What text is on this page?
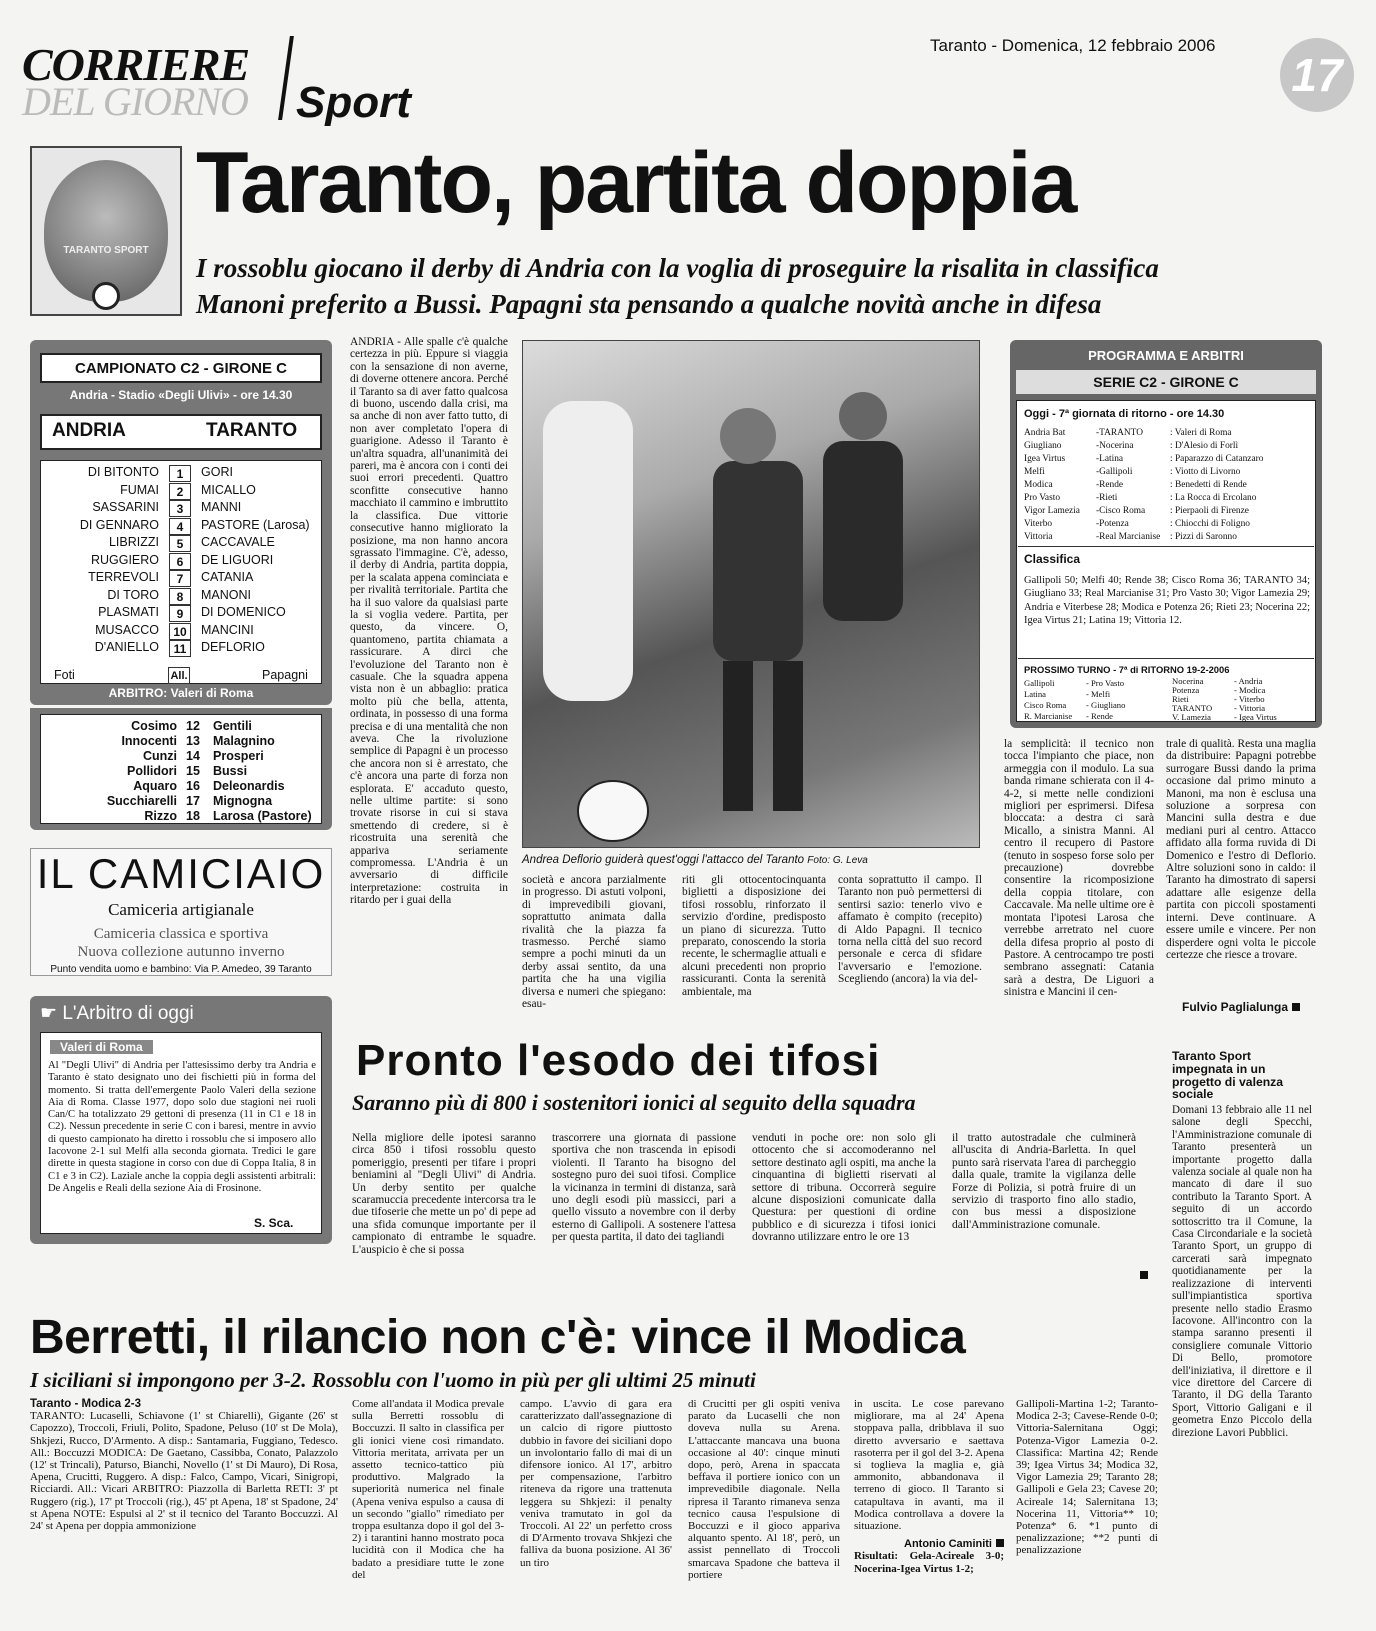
CORRIERE
DEL GIORNO Sport
Taranto - Domenica, 12 febbraio 2006
17
TARANTO SPORT
Taranto, partita doppia
I rossoblu giocano il derby di Andria con la voglia di proseguire la risalita in classifica
Manoni preferito a Bussi. Papagni sta pensando a qualche novità anche in difesa
CAMPIONATO C2 - GIRONE C
Andria - Stadio «Degli Ulivi» - ore 14.30
ANDRIA	TARANTO
DI BITONTO	1	GORI
FUMAI	2	MICALLO
SASSARINI	3	MANNI
DI GENNARO	4	PASTORE (Larosa)
LIBRIZZI	5	CACCAVALE
RUGGIERO	6	DE LIGUORI
TERREVOLI	7	CATANIA
DI TORO	8	MANONI
PLASMATI	9	DI DOMENICO
MUSACCO	10	MANCINI
D'ANIELLO	11	DEFLORIO
Foti	All.	Papagni
ARBITRO: Valeri di Roma
Cosimo 12	Gentili
Innocenti 13	Malagnino
Cunzi 14	Prosperi
Pollidori 15	Bussi
Aquaro 16	Deleonardis
Succhiarelli 17	Mignogna
Rizzo 18	Larosa (Pastore)
IL CAMICIAIO
Camiceria artigianale
Camiceria classica e sportiva
Nuova collezione autunno inverno
Punto vendita uomo e bambino: Via P. Amedeo, 39 Taranto
☛ L'Arbitro di oggi
Valeri di Roma
Al "Degli Ulivi" di Andria per l'attesissimo derby tra Andria e Taranto è stato designato uno dei fischietti più in forma del momento. Si tratta dell'emergente Paolo Valeri della sezione Aia di Roma. Classe 1977, dopo solo due stagioni nei ruoli Can/C ha totalizzato 29 gettoni di presenza (11 in C1 e 18 in C2). Nessun precedente in serie C con i baresi, mentre in avvio di questo campionato ha diretto i rossoblu che si imposero allo Iacovone 2-1 sul Melfi alla seconda giornata. Tredici le gare dirette in questa stagione in corso con due di Coppa Italia, 8 in C1 e 3 in C2). Laziale anche la coppia degli assistenti arbitrali: De Angelis e Reali della sezione Aia di Frosinone.
S. Sca.
ANDRIA - Alle spalle c'è qualche certezza in più. Eppure si viaggia con la sensazione di non averne, di doverne ottenere ancora. Perché il Taranto sa di aver fatto qualcosa di buono, uscendo dalla crisi, ma sa anche di non aver fatto tutto, di non aver completato l'opera di guarigione. Adesso il Taranto è un'altra squadra, all'unanimità dei pareri, ma è ancora con i conti dei suoi errori precedenti. Quattro sconfitte consecutive hanno macchiato il cammino e imbruttito la classifica. Due vittorie consecutive hanno migliorato la posizione, ma non hanno ancora sgrassato l'immagine. C'è, adesso, il derby di Andria, partita doppia, per la scalata appena cominciata e per rivalità territoriale. Partita che ha il suo valore da qualsiasi parte la si voglia vedere. Partita, per questo, da vincere. O, quantomeno, partita chiamata a rassicurare. A dirci che l'evoluzione del Taranto non è casuale. Che la squadra appena vista non è un abbaglio: pratica molto più che bella, attenta, ordinata, in possesso di una forma precisa e di una mentalità che non aveva. Che la rivoluzione semplice di Papagni è un processo che ancora non si è arrestato, che c'è ancora una parte di forza non esplorata. E' accaduto questo, nelle ultime partite: si sono trovate risorse in cui si stava smettendo di credere, si è ricostruita una serenità che appariva seriamente compromessa. L'Andria è un avversario di difficile interpretazione: costruita in ritardo per i guai della
Andrea Deflorio guiderà quest'oggi l'attacco del Taranto Foto: G. Leva
società e ancora parzialmente in progresso. Di astuti volponi, di imprevedibili giovani, soprattutto animata dalla rivalità che la piazza fa trasmesso. Perché siamo sempre a pochi minuti da un derby assai sentito, da una partita che ha una vigilia diversa e numeri che spiegano: esau-
riti gli ottocentocinquanta biglietti a disposizione dei tifosi rossoblu, rinforzato il servizio d'ordine, predisposto un piano di sicurezza. Tutto preparato, conoscendo la storia recente, le schermaglie attuali e alcuni precedenti non proprio rassicuranti. Conta la serenità ambientale, ma
conta soprattutto il campo. Il Taranto non può permettersi di sentirsi sazio: tenerlo vivo e affamato è compito (recepito) di Aldo Papagni. Il tecnico torna nella città del suo record personale e cerca di sfidare l'avversario e l'emozione. Scegliendo (ancora) la via del-
la semplicità: il tecnico non tocca l'impianto che piace, non armeggia con il modulo. La sua banda rimane schierata con il 4-4-2, si mette nelle condizioni migliori per esprimersi. Difesa bloccata: a destra ci sarà Micallo, a sinistra Manni. Al centro il recupero di Pastore (tenuto in sospeso forse solo per precauzione) dovrebbe consentire la ricomposizione della coppia titolare, con Caccavale. Ma nelle ultime ore è montata l'ipotesi Larosa che verrebbe arretrato nel cuore della difesa proprio al posto di Pastore. A centrocampo tre posti sembrano assegnati: Catania sarà a destra, De Liguori a sinistra e Mancini il cen-
trale di qualità. Resta una maglia da distribuire: Papagni potrebbe surrogare Bussi dando la prima occasione dal primo minuto a Manoni, ma non è esclusa una soluzione a sorpresa con Mancini sulla destra e due mediani puri al centro. Attacco affidato alla forma ruvida di Di Domenico e l'estro di Deflorio. Altre soluzioni sono in caldo: il Taranto ha dimostrato di sapersi adattare alle esigenze della partita con piccoli spostamenti interni. Deve continuare. A essere umile e vincere. Per non disperdere ogni volta le piccole certezze che riesce a trovare.
Fulvio Paglialunga
PROGRAMMA E ARBITRI
SERIE C2 - GIRONE C
Oggi - 7ª giornata di ritorno - ore 14.30
Andria Bat	-TARANTO	: Valeri di Roma
Giugliano	-Nocerina	: D'Alesio di Forlì
Igea Virtus	-Latina	: Paparazzo di Catanzaro
Melfi	-Gallipoli	: Viotto di Livorno
Modica	-Rende	: Benedetti di Rende
Pro Vasto	-Rieti	: La Rocca di Ercolano
Vigor Lamezia -Cisco Roma	: Pierpaoli di Firenze
Viterbo	-Potenza	: Chiocchi di Foligno
Vittoria	-Real Marcianise : Pizzi di Saronno
Classifica
Gallipoli 50; Melfi 40; Rende 38; Cisco Roma 36; TARANTO 34; Giugliano 33; Real Marcianise 31; Pro Vasto 30; Vigor Lamezia 29; Andria e Viterbese 28; Modica e Potenza 26; Rieti 23; Nocerina 22; Igea Virtus 21; Latina 19; Vittoria 12.
PROSSIMO TURNO - 7ª di RITORNO 19-2-2006
Gallipoli	- Pro Vasto
Latina	- Melfi
Cisco Roma - Giugliano
R. Marcianise - Rende
Nocerina	- Andria
Potenza	- Modica
Rieti	- Viterbo
TARANTO	- Vittoria
V. Lamezia	- Igea Virtus
Pronto l'esodo dei tifosi
Saranno più di 800 i sostenitori ionici al seguito della squadra
Nella migliore delle ipotesi saranno circa 850 i tifosi rossoblu questo pomeriggio, presenti per tifare i propri beniamini al "Degli Ulivi" di Andria. Un derby sentito per qualche scaramuccia precedente intercorsa tra le due tifoserie che mette un po' di pepe ad una sfida comunque importante per il campionato di entrambe le squadre. L'auspicio è che si possa
trascorrere una giornata di passione sportiva che non trascenda in episodi violenti. Il Taranto ha bisogno del sostegno puro dei suoi tifosi. Complice la vicinanza in termini di distanza, sarà uno degli esodi più massicci, pari a quello vissuto a novembre con il derby esterno di Gallipoli. A sostenere l'attesa per questa partita, il dato dei tagliandi
venduti in poche ore: non solo gli ottocento che si accomoderanno nel settore destinato agli ospiti, ma anche la cinquantina di biglietti riservati al settore di tribuna. Occorrerà seguire alcune disposizioni comunicate dalla Questura: per questioni di ordine pubblico e di sicurezza i tifosi ionici dovranno utilizzare entro le ore 13
il tratto autostradale che culminerà all'uscita di Andria-Barletta. In quel punto sarà riservata l'area di parcheggio dalla quale, tramite la vigilanza delle Forze di Polizia, si potrà fruire di un servizio di trasporto fino allo stadio, con bus messi a disposizione dall'Amministrazione comunale.
Berretti, il rilancio non c'è: vince il Modica
I siciliani si impongono per 3-2. Rossoblu con l'uomo in più per gli ultimi 25 minuti
Taranto - Modica 2-3
TARANTO: Lucaselli, Schiavone (1' st Chiarelli), Gigante (26' st Capozzo), Troccoli, Friuli, Polito, Spadone, Peluso (10' st De Mola), Shkjezi, Rucco, D'Armento. A disp.: Santamaria, Fuggiano, Tedesco. All.: Boccuzzi MODICA: De Gaetano, Cassibba, Conato, Palazzolo (12' st Trincali), Paturso, Bianchi, Novello (1' st Di Mauro), Di Rosa, Apena, Crucitti, Ruggero. A disp.: Falco, Campo, Vicari, Sinigropi, Ricciardi. All.: Vicari ARBITRO: Piazzolla di Barletta RETI: 3' pt Ruggero (rig.), 17' pt Troccoli (rig.), 45' pt Apena, 18' st Spadone, 24' st Apena NOTE: Espulsi al 2' st il tecnico del Taranto Boccuzzi. Al 24' st Apena per doppia ammonizione
Come all'andata il Modica prevale sulla Berretti rossoblu di Boccuzzi. Il salto in classifica per gli ionici viene così rimandato. Vittoria meritata, arrivata per un assetto tecnico-tattico più produttivo. Malgrado la superiorità numerica nel finale (Apena veniva espulso a causa di un secondo "giallo" rimediato per troppa esultanza dopo il gol del 3-2) i tarantini hanno mostrato poca lucidità con il Modica che ha badato a presidiare tutte le zone del
campo. L'avvio di gara era caratterizzato dall'assegnazione di un calcio di rigore piuttosto dubbio in favore dei siciliani dopo un involontario fallo di mai di un difensore ionico. Al 17', arbitro per compensazione, l'arbitro riteneva da rigore una trattenuta leggera su Shkjezi: il penalty veniva tramutato in gol da Troccoli. Al 22' un perfetto cross di D'Armento trovava Shkjezi che falliva da buona posizione. Al 36' un tiro
di Crucitti per gli ospiti veniva parato da Lucaselli che non doveva nulla su Arena. L'attaccante mancava una buona occasione al 40': cinque minuti dopo, però, Arena in spaccata beffava il portiere ionico con un imprevedibile diagonale. Nella ripresa il Taranto rimaneva senza tecnico causa l'espulsione di Boccuzzi e il gioco appariva alquanto spento. Al 18', però, un assist pennellato di Troccoli smarcava Spadone che batteva il portiere
in uscita. Le cose parevano migliorare, ma al 24' Apena stoppava palla, dribblava il suo diretto avversario e saettava rasoterra per il gol del 3-2. Apena si toglieva la maglia e, già ammonito, abbandonava il terreno di gioco. Il Taranto si catapultava in avanti, ma il Modica controllava a dovere la situazione.
Antonio Caminiti
Risultati: Gela-Acireale 3-0; Nocerina-Igea Virtus 1-2;
Gallipoli-Martina 1-2; Taranto-Modica 2-3; Cavese-Rende 0-0; Vittoria-Salernitana Oggi; Potenza-Vigor Lamezia 0-2. Classifica: Martina 42; Rende 39; Igea Virtus 34; Modica 32, Vigor Lamezia 29; Taranto 28; Gallipoli e Gela 23; Cavese 20; Acireale 14; Salernitana 13; Nocerina 11, Vittoria** 10; Potenza* 6. *1 punto di penalizzazione; **2 punti di penalizzazione
Taranto Sport impegnata in un progetto di valenza sociale
Domani 13 febbraio alle 11 nel salone degli Specchi, l'Amministrazione comunale di Taranto presenterà un importante progetto dalla valenza sociale al quale non ha mancato di dare il suo contributo la Taranto Sport. A seguito di un accordo sottoscritto tra il Comune, la Casa Circondariale e la società Taranto Sport, un gruppo di carcerati sarà impegnato quotidianamente per la realizzazione di interventi sull'impiantistica sportiva presente nello stadio Erasmo Iacovone. All'incontro con la stampa saranno presenti il consigliere comunale Vittorio Di Bello, promotore dell'iniziativa, il direttore e il vice direttore del Carcere di Taranto, il DG della Taranto Sport, Vittorio Galigani e il geometra Enzo Piccolo della direzione Lavori Pubblici.
